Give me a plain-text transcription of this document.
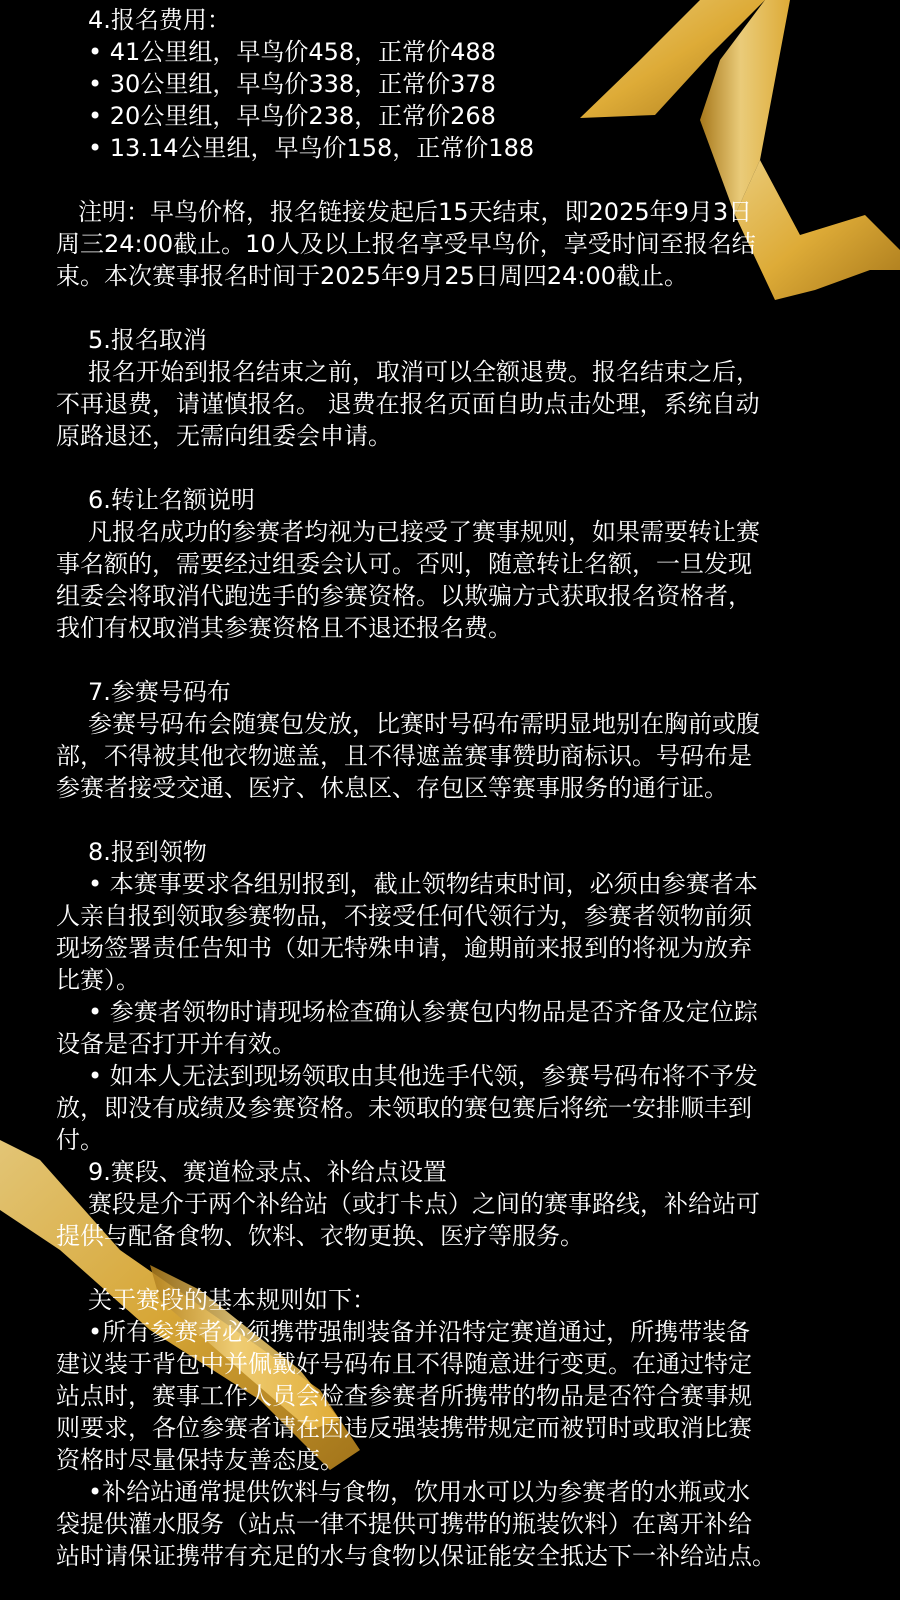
4.报名费用：
• 41公里组，早鸟价458，正常价488
• 30公里组，早鸟价338，正常价378
• 20公里组，早鸟价238，正常价268
• 13.14公里组，早鸟价158，正常价188
注明：早鸟价格，报名链接发起后15天结束，即2025年9月3日
周三24:00截止。10人及以上报名享受早鸟价，享受时间至报名结
束。本次赛事报名时间于2025年9月25日周四24:00截止。
5.报名取消
报名开始到报名结束之前，取消可以全额退费。报名结束之后，
不再退费，请谨慎报名。 退费在报名页面自助点击处理，系统自动
原路退还，无需向组委会申请。
6.转让名额说明
凡报名成功的参赛者均视为已接受了赛事规则，如果需要转让赛
事名额的，需要经过组委会认可。否则，随意转让名额，一旦发现
组委会将取消代跑选手的参赛资格。以欺骗方式获取报名资格者，
我们有权取消其参赛资格且不退还报名费。
7.参赛号码布
参赛号码布会随赛包发放，比赛时号码布需明显地别在胸前或腹
部，不得被其他衣物遮盖，且不得遮盖赛事赞助商标识。号码布是
参赛者接受交通、医疗、休息区、存包区等赛事服务的通行证。
8.报到领物
• 本赛事要求各组别报到，截止领物结束时间，必须由参赛者本
人亲自报到领取参赛物品，不接受任何代领行为，参赛者领物前须
现场签署责任告知书（如无特殊申请，逾期前来报到的将视为放弃
比赛）。
• 参赛者领物时请现场检查确认参赛包内物品是否齐备及定位踪
设备是否打开并有效。
• 如本人无法到现场领取由其他选手代领，参赛号码布将不予发
放，即没有成绩及参赛资格。未领取的赛包赛后将统一安排顺丰到
付。
9.赛段、赛道检录点、补给点设置
赛段是介于两个补给站（或打卡点）之间的赛事路线，补给站可
提供与配备食物、饮料、衣物更换、医疗等服务。
关于赛段的基本规则如下：
•所有参赛者必须携带强制装备并沿特定赛道通过，所携带装备
建议装于背包中并佩戴好号码布且不得随意进行变更。在通过特定
站点时，赛事工作人员会检查参赛者所携带的物品是否符合赛事规
则要求，各位参赛者请在因违反强装携带规定而被罚时或取消比赛
资格时尽量保持友善态度。
•补给站通常提供饮料与食物，饮用水可以为参赛者的水瓶或水
袋提供灌水服务（站点一律不提供可携带的瓶装饮料）在离开补给
站时请保证携带有充足的水与食物以保证能安全抵达下一补给站点。
